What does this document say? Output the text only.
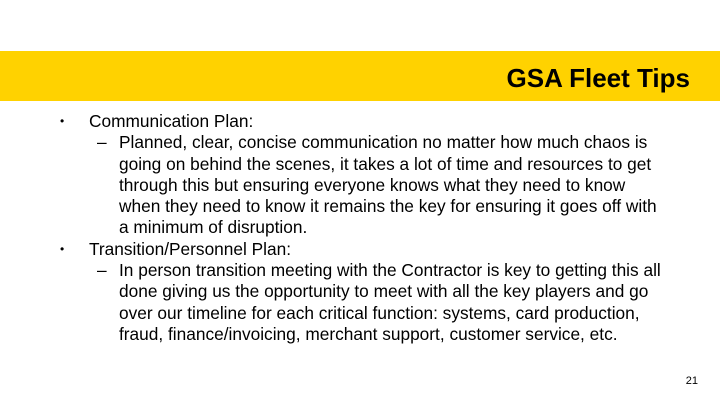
GSA Fleet Tips
•	Communication Plan:
– Planned, clear, concise communication no matter how much chaos is going on behind the scenes, it takes a lot of time and resources to get through this but ensuring everyone knows what they need to know when they need to know it remains the key for ensuring it goes off with a minimum of disruption.
•	Transition/Personnel Plan:
– In person transition meeting with the Contractor is key to getting this all done giving us the opportunity to meet with all the key players and go over our timeline for each critical function: systems, card production, fraud, finance/invoicing, merchant support, customer service, etc.
21
